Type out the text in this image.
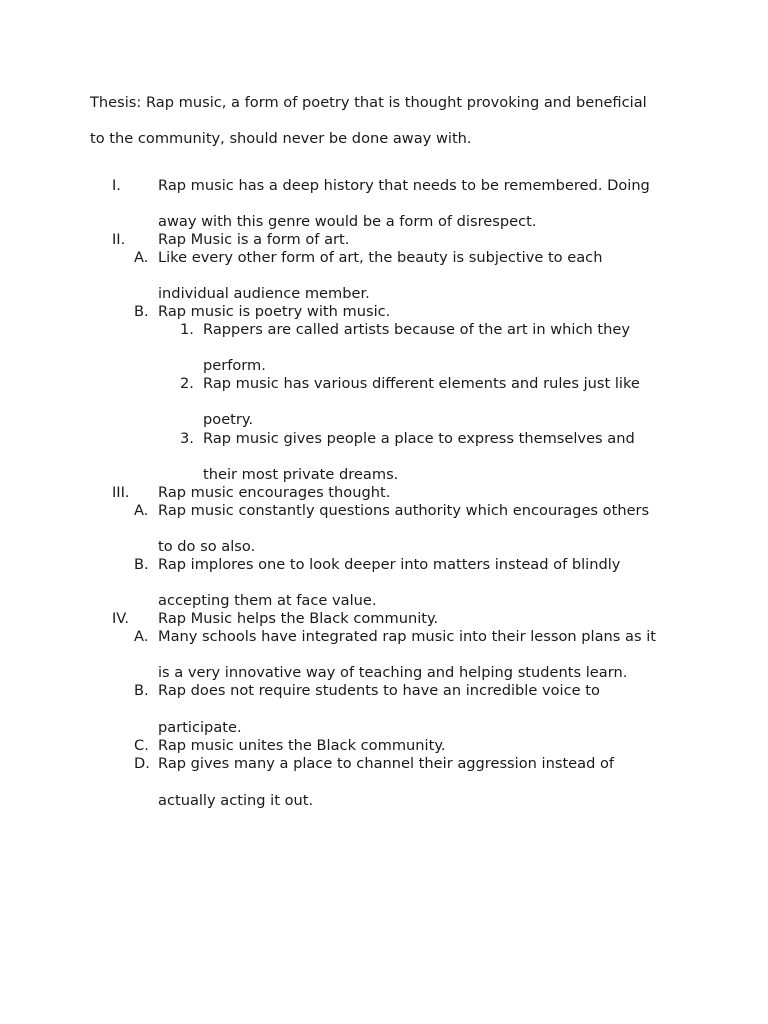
Thesis: Rap music, a form of poetry that is thought provoking and beneficial
to the community, should never be done away with.
I.	Rap music has a deep history that needs to be remembered. Doing
away with this genre would be a form of disrespect.
II. Rap Music is a form of art.
A. Like every other form of art, the beauty is subjective to each
individual audience member.
B. Rap music is poetry with music.
1. Rappers are called artists because of the art in which they
perform.
2. Rap music has various different elements and rules just like
poetry.
3. Rap music gives people a place to express themselves and
their most private dreams.
III. Rap music encourages thought.
A. Rap music constantly questions authority which encourages others
to do so also.
B. Rap implores one to look deeper into matters instead of blindly
accepting them at face value.
IV. Rap Music helps the Black community.
A. Many schools have integrated rap music into their lesson plans as it
is a very innovative way of teaching and helping students learn.
B. Rap does not require students to have an incredible voice to
participate.
C. Rap music unites the Black community.
D. Rap gives many a place to channel their aggression instead of
actually acting it out.
